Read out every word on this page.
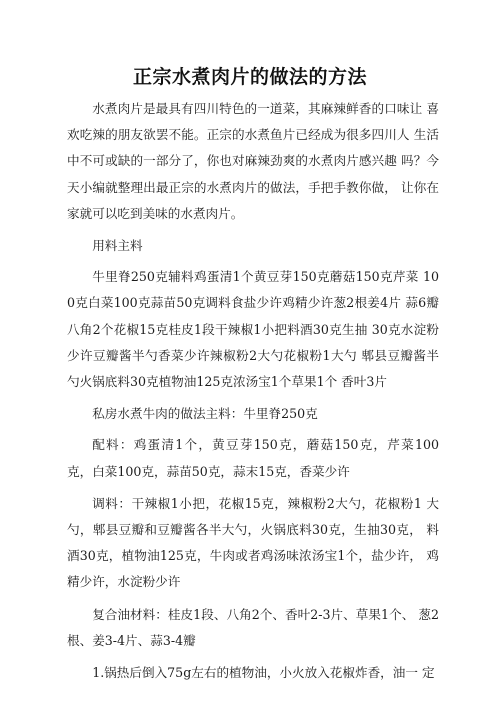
正宗水煮肉片的做法的方法

水煮肉片是最具有四川特色的一道菜，其麻辣鲜香的口味让 喜欢吃辣的朋友欲罢不能。正宗的水煮鱼片已经成为很多四川人 生活中不可或缺的一部分了，你也对麻辣劲爽的水煮肉片感兴趣 吗？今天小编就整理出最正宗的水煮肉片的做法，手把手教你做， 让你在家就可以吃到美味的水煮肉片。

用料主料

牛里脊250克辅料鸡蛋清1个黄豆芽150克蘑菇150克芹菜 100克白菜100克蒜苗50克调料食盐少许鸡精少许葱2根姜4片 蒜6瓣八角2个花椒15克桂皮1段干辣椒1小把料酒30克生抽 30克水淀粉少许豆瓣酱半勺香菜少许辣椒粉2大勺花椒粉1大勺 郫县豆瓣酱半勺火锅底料30克植物油125克浓汤宝1个草果1个 香叶3片

私房水煮牛肉的做法主料：牛里脊250克

配料：鸡蛋清1个，黄豆芽150克，蘑菇150克，芹菜100 克，白菜100克，蒜苗50克，蒜末15克，香菜少许

调料：干辣椒1小把，花椒15克，辣椒粉2大勺，花椒粉1 大勺，郫县豆瓣和豆瓣酱各半大勺，火锅底料30克，生抽30克， 料酒30克，植物油125克，牛肉或者鸡汤味浓汤宝1个，盐少许， 鸡精少许，水淀粉少许

复合油材料：桂皮1段、八角2个、香叶2-3片、草果1个、 葱2根、姜3-4片、蒜3-4瓣

1.锅热后倒入75g左右的植物油，小火放入花椒炸香，油一 定
